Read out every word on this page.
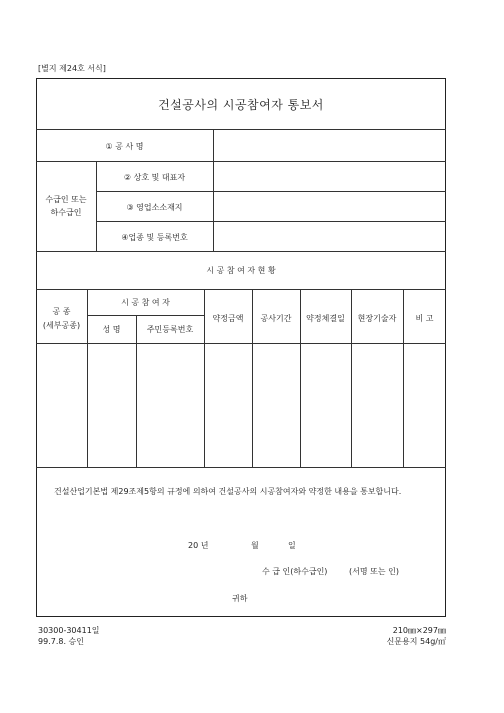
[별지 제24호 서식]
건설공사의 시공참여자 통보서
① 공 사 명
수급인 또는
하수급인
② 상호 및 대표자
③ 영업소소재지
④업종 및 등록번호
시 공 참 여 자 현 황
공 종
(세부공종)
시 공 참 여 자
성 명	주민등록번호
약정금액	공사기간	약정체결일	현장기술자	비 고
건설산업기본법 제29조제5항의 규정에 의하여 건설공사의 시공참여자와 약정한 내용을 통보합니다.
20 년	월	일
수 급 인(하수급인)	(서명 또는 인)
귀하
30300-30411일
99.7.8. 승인
210㎜×297㎜
신문용지 54g/㎡
